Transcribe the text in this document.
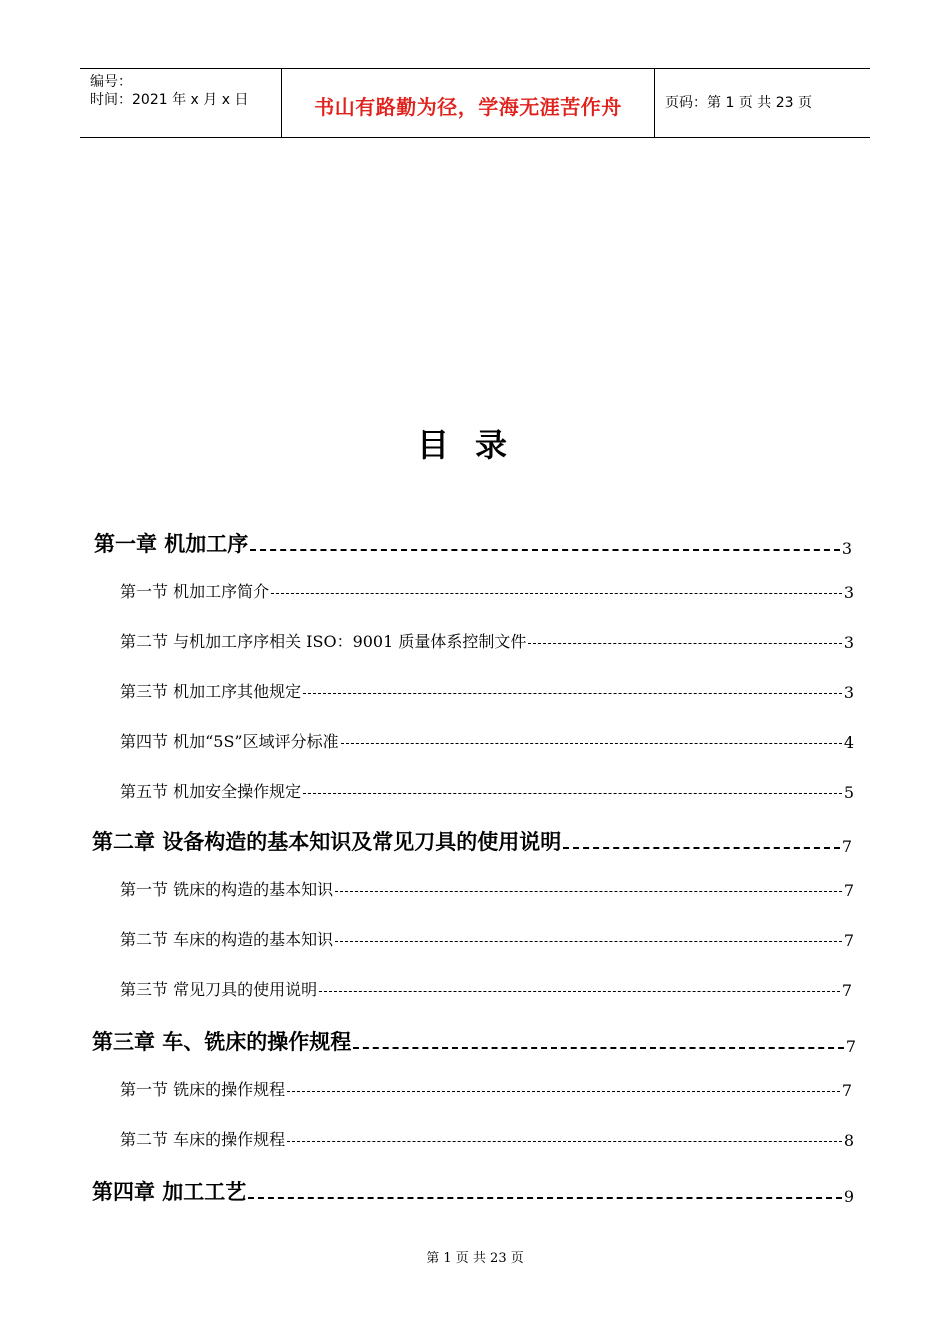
编号：
时间：2021 年 x 月 x 日	书山有路勤为径，学海无涯苦作舟	页码：第 1 页 共 23 页
目录
第一章 机加工序	3
第一节 机加工序简介	3
第二节 与机加工序序相关 ISO：9001 质量体系控制文件	3
第三节 机加工序其他规定	3
第四节 机加“5S”区域评分标准	4
第五节 机加安全操作规定	5
第二章 设备构造的基本知识及常见刀具的使用说明	7
第一节 铣床的构造的基本知识	7
第二节 车床的构造的基本知识	7
第三节 常见刀具的使用说明	7
第三章 车、铣床的操作规程	7
第一节 铣床的操作规程	7
第二节 车床的操作规程	8
第四章 加工工艺	9
第 1 页 共 23 页
